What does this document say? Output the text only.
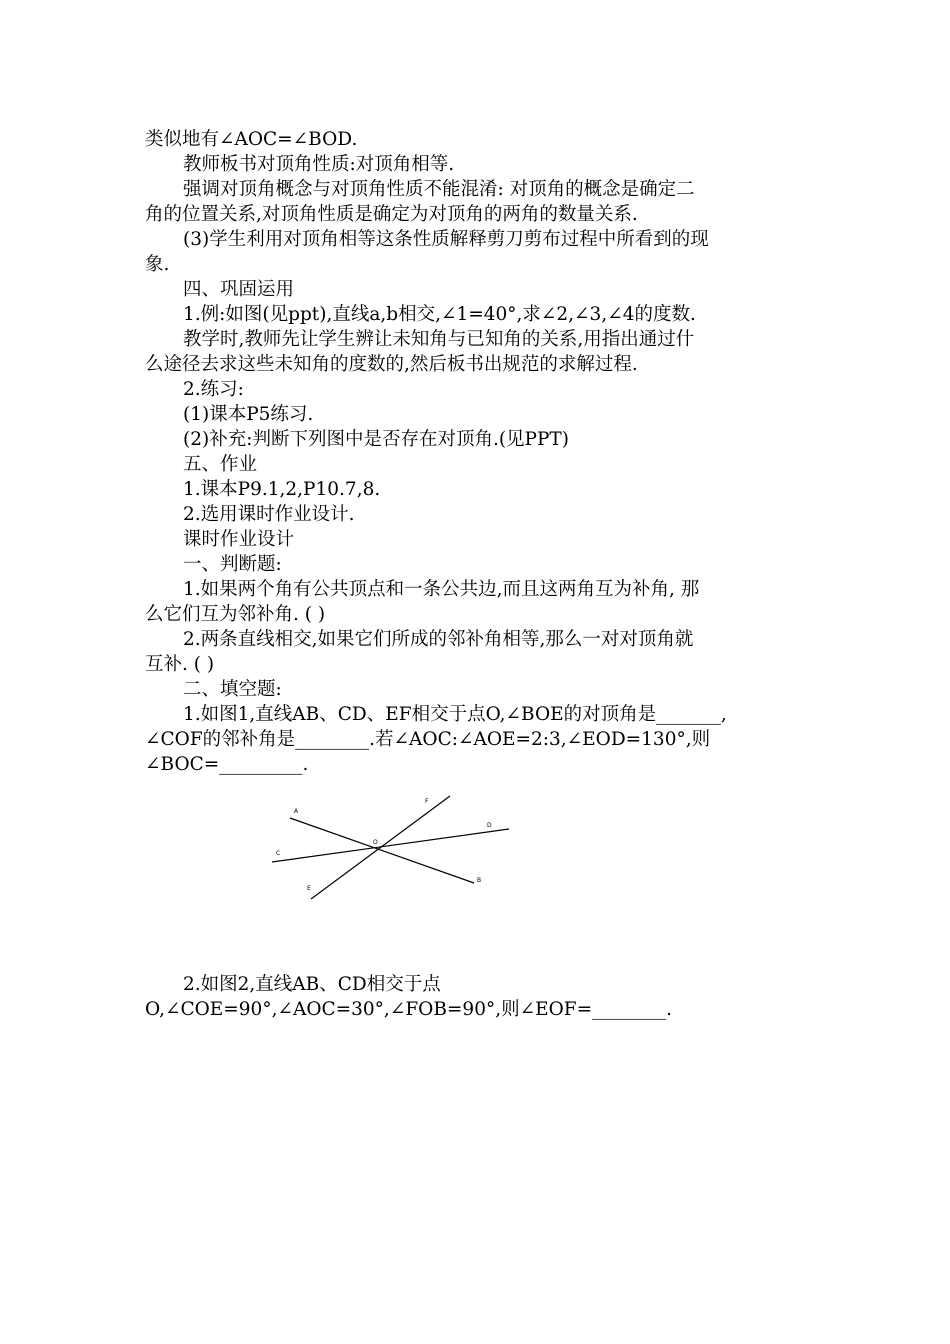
类似地有∠AOC=∠BOD.
教师板书对顶角性质:对顶角相等.
强调对顶角概念与对顶角性质不能混淆: 对顶角的概念是确定二
角的位置关系,对顶角性质是确定为对顶角的两角的数量关系.
(3)学生利用对顶角相等这条性质解释剪刀剪布过程中所看到的现
象.
四、巩固运用
1.例:如图(见ppt),直线a,b相交,∠1=40°,求∠2,∠3,∠4的度数.
教学时,教师先让学生辨让未知角与已知角的关系,用指出通过什
么途径去求这些未知角的度数的,然后板书出规范的求解过程.
2.练习:
(1)课本P5练习.
(2)补充:判断下列图中是否存在对顶角.(见PPT)
五、作业
1.课本P9.1,2,P10.7,8.
2.选用课时作业设计.
课时作业设计
一、判断题:
1.如果两个角有公共顶点和一条公共边,而且这两角互为补角, 那
么它们互为邻补角. ( )
2.两条直线相交,如果它们所成的邻补角相等,那么一对对顶角就
互补. ( )
二、填空题:
1.如图1,直线AB、CD、EF相交于点O,∠BOE的对顶角是_______,
∠COF的邻补角是________.若∠AOC:∠AOE=2:3,∠EOD=130°,则
∠BOC=_________.
A
B
C
D
E
F
O
2.如图2,直线AB、CD相交于点
O,∠COE=90°,∠AOC=30°,∠FOB=90°,则∠EOF=________.
